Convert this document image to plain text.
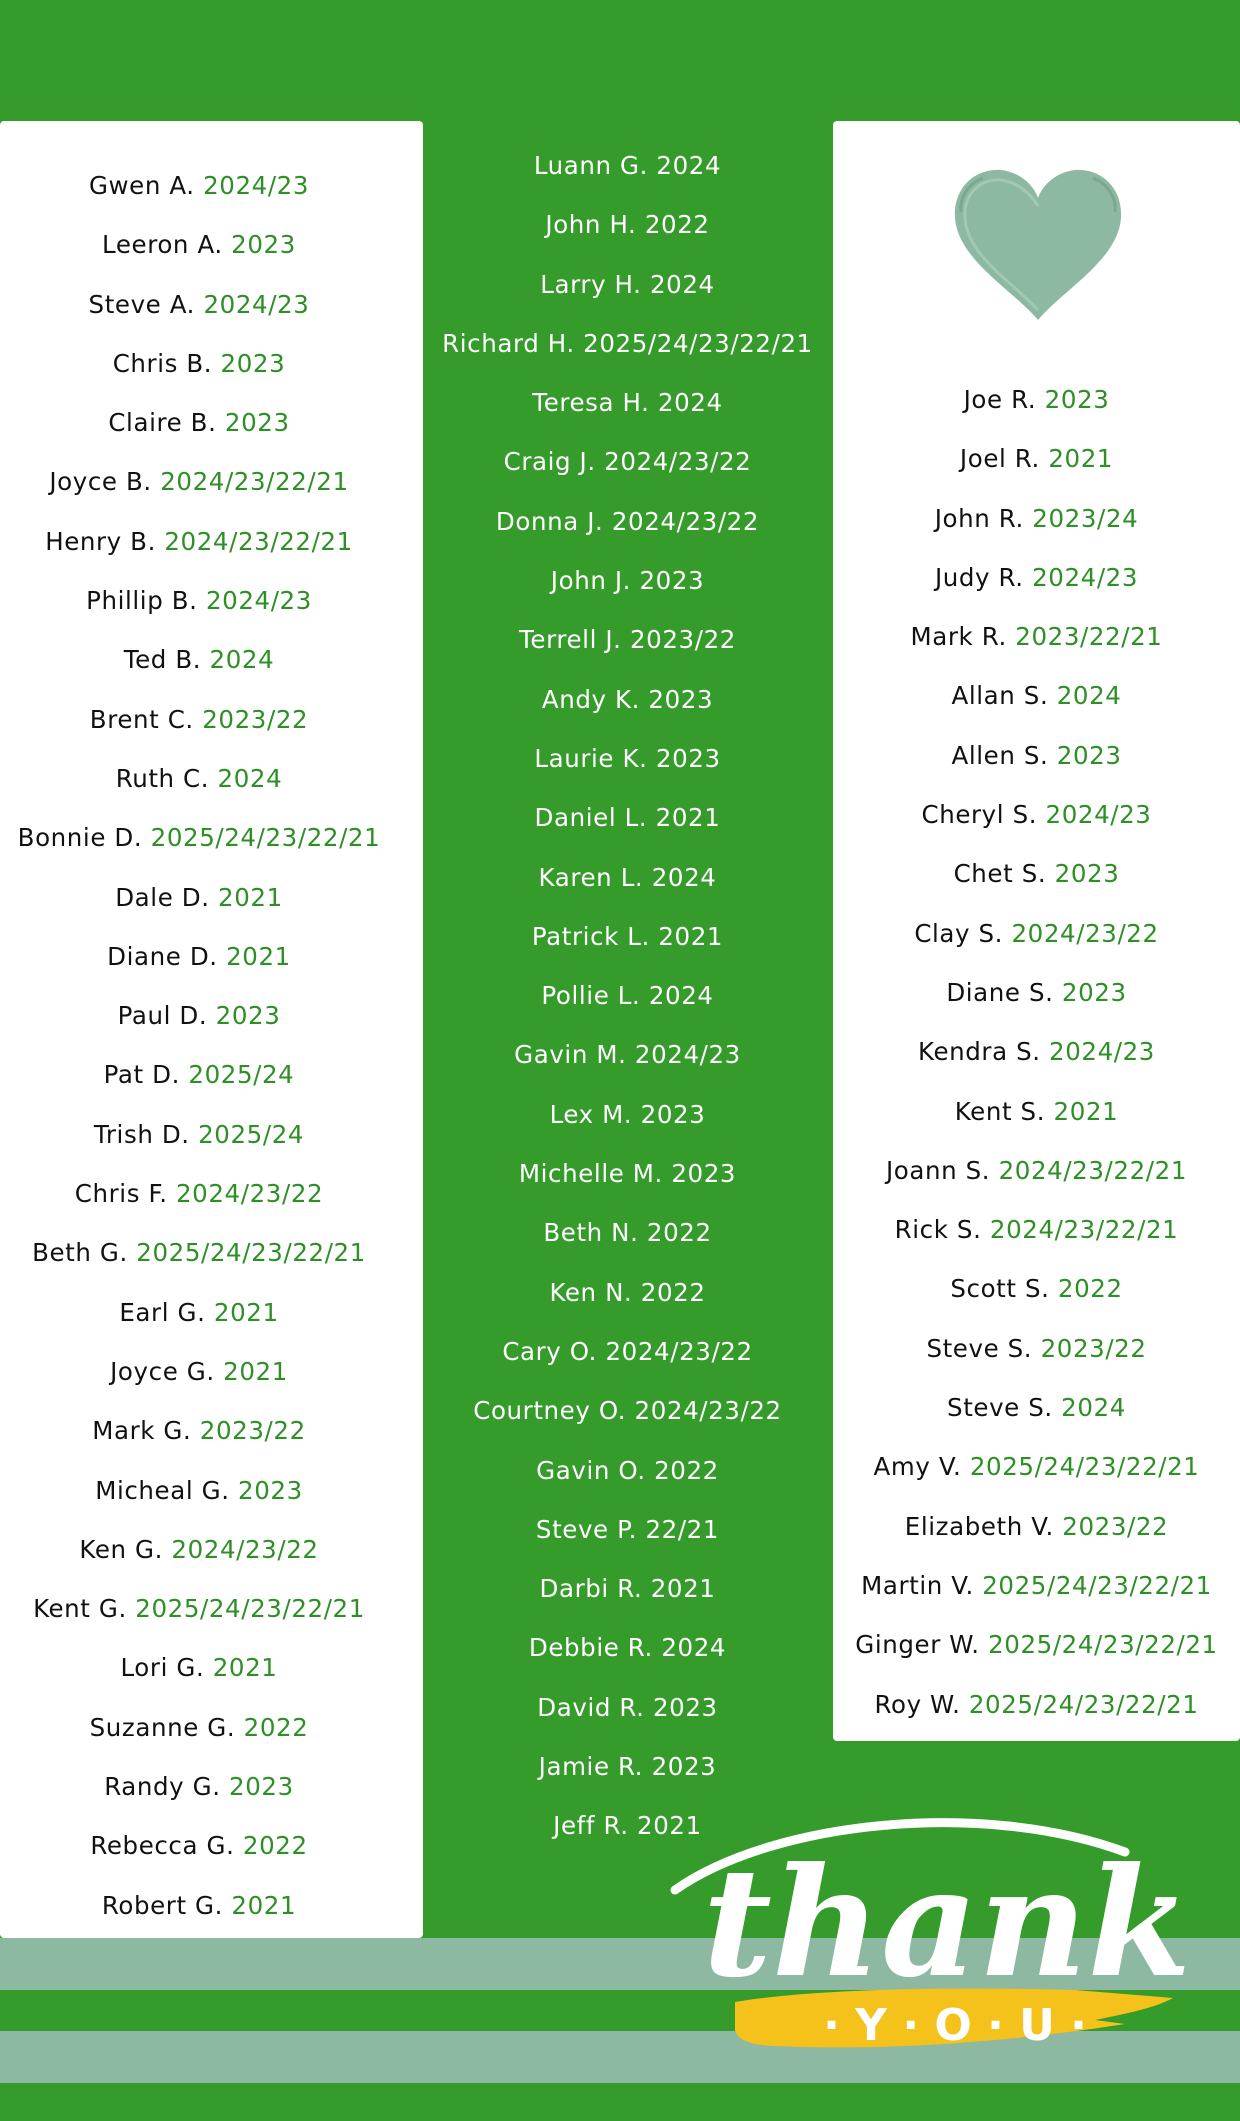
Gwen A. 2024/23
Leeron A. 2023
Steve A. 2024/23
Chris B. 2023
Claire B. 2023
Joyce B. 2024/23/22/21
Henry B. 2024/23/22/21
Phillip B. 2024/23
Ted B. 2024
Brent C. 2023/22
Ruth C. 2024
Bonnie D. 2025/24/23/22/21
Dale D. 2021
Diane D. 2021
Paul D. 2023
Pat D. 2025/24
Trish D. 2025/24
Chris F. 2024/23/22
Beth G. 2025/24/23/22/21
Earl G. 2021
Joyce G. 2021
Mark G. 2023/22
Micheal G. 2023
Ken G. 2024/23/22
Kent G. 2025/24/23/22/21
Lori G. 2021
Suzanne G. 2022
Randy G. 2023
Rebecca G. 2022
Robert G. 2021
Luann G. 2024
John H. 2022
Larry H. 2024
Richard H. 2025/24/23/22/21
Teresa H. 2024
Craig J. 2024/23/22
Donna J. 2024/23/22
John J. 2023
Terrell J. 2023/22
Andy K. 2023
Laurie K. 2023
Daniel L. 2021
Karen L. 2024
Patrick L. 2021
Pollie L. 2024
Gavin M. 2024/23
Lex M. 2023
Michelle M. 2023
Beth N. 2022
Ken N. 2022
Cary O. 2024/23/22
Courtney O. 2024/23/22
Gavin O. 2022
Steve P. 22/21
Darbi R. 2021
Debbie R. 2024
David R. 2023
Jamie R. 2023
Jeff R. 2021
Joe R. 2023
Joel R. 2021
John R. 2023/24
Judy R. 2024/23
Mark R. 2023/22/21
Allan S. 2024
Allen S. 2023
Cheryl S. 2024/23
Chet S. 2023
Clay S. 2024/23/22
Diane S. 2023
Kendra S. 2024/23
Kent S. 2021
Joann S. 2024/23/22/21
Rick S. 2024/23/22/21
Scott S. 2022
Steve S. 2023/22
Steve S. 2024
Amy V. 2025/24/23/22/21
Elizabeth V. 2023/22
Martin V. 2025/24/23/22/21
Ginger W. 2025/24/23/22/21
Roy W. 2025/24/23/22/21
thank
· Y · O · U ·
